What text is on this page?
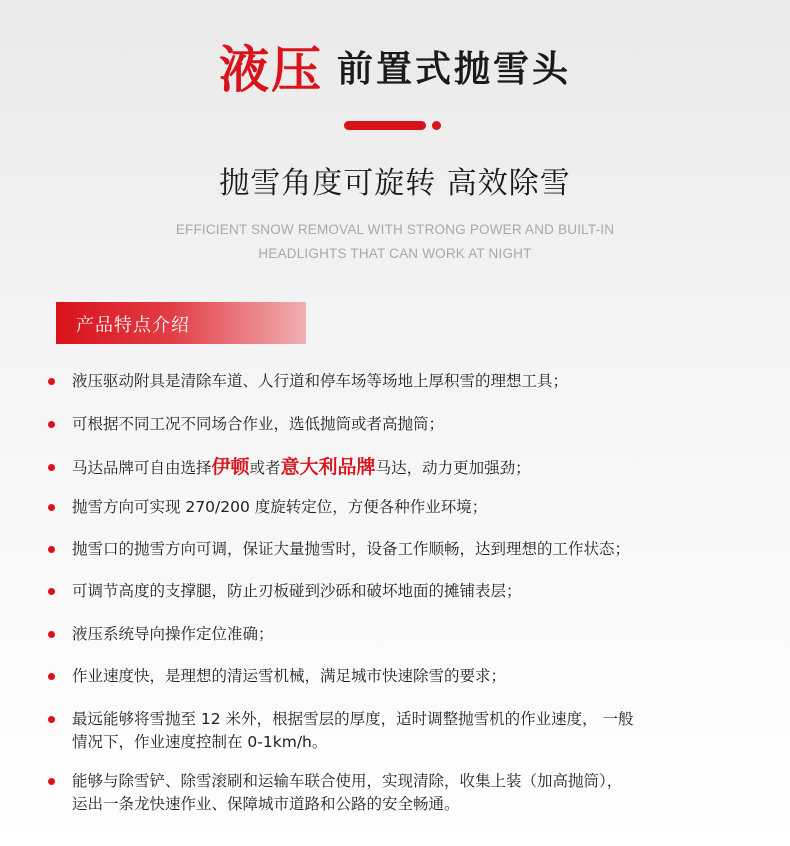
液压 前置式抛雪头
抛雪角度可旋转 高效除雪
EFFICIENT SNOW REMOVAL WITH STRONG POWER AND BUILT-IN
HEADLIGHTS THAT CAN WORK AT NIGHT
产品特点介绍
液压驱动附具是清除车道、人行道和停车场等场地上厚积雪的理想工具；
可根据不同工况不同场合作业，选低抛筒或者高抛筒；
马达品牌可自由选择伊顿或者意大利品牌马达，动力更加强劲；
抛雪方向可实现 270/200 度旋转定位，方便各种作业环境；
抛雪口的抛雪方向可调，保证大量抛雪时，设备工作顺畅，达到理想的工作状态；
可调节高度的支撑腿，防止刃板碰到沙砾和破坏地面的摊铺表层；
液压系统导向操作定位准确；
作业速度快，是理想的清运雪机械，满足城市快速除雪的要求；
最远能够将雪抛至 12 米外，根据雪层的厚度，适时调整抛雪机的作业速度， 一般
情况下，作业速度控制在 0-1km/h。
能够与除雪铲、除雪滚刷和运输车联合使用，实现清除，收集上装（加高抛筒），
运出一条龙快速作业、保障城市道路和公路的安全畅通。
